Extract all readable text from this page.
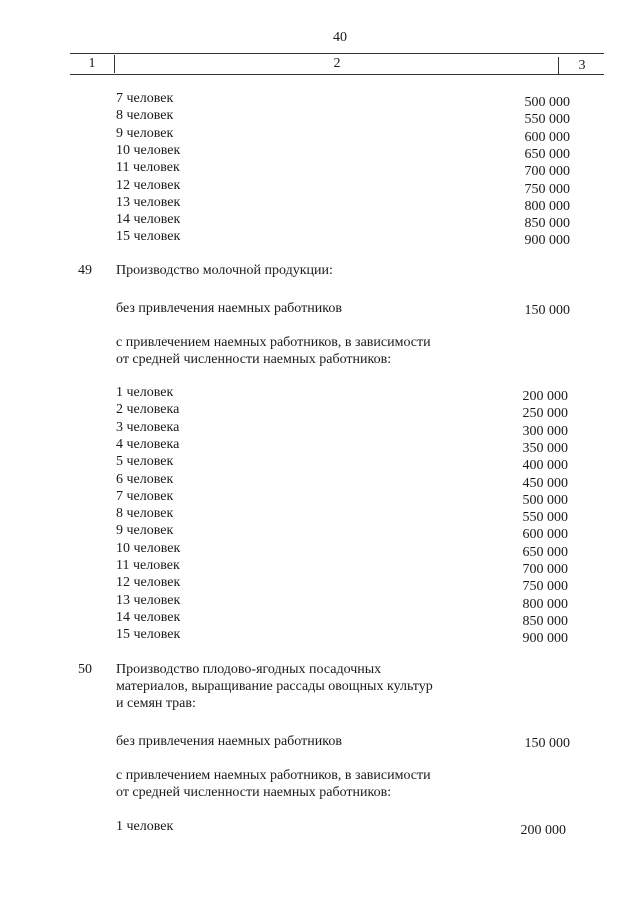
40
1	2	3
7 человек	500 000
8 человек	550 000
9 человек	600 000
10 человек	650 000
11 человек	700 000
12 человек	750 000
13 человек	800 000
14 человек	850 000
15 человек	900 000
49 Производство молочной продукции:
без привлечения наемных работников	150 000
с привлечением наемных работников, в зависимости
от средней численности наемных работников:
1 человек	200 000
2 человека	250 000
3 человека	300 000
4 человека	350 000
5 человек	400 000
6 человек	450 000
7 человек	500 000
8 человек	550 000
9 человек	600 000
10 человек	650 000
11 человек	700 000
12 человек	750 000
13 человек	800 000
14 человек	850 000
15 человек	900 000
50 Производство плодово-ягодных посадочных
материалов, выращивание рассады овощных культур
и семян трав:
без привлечения наемных работников	150 000
с привлечением наемных работников, в зависимости
от средней численности наемных работников:
1 человек	200 000
